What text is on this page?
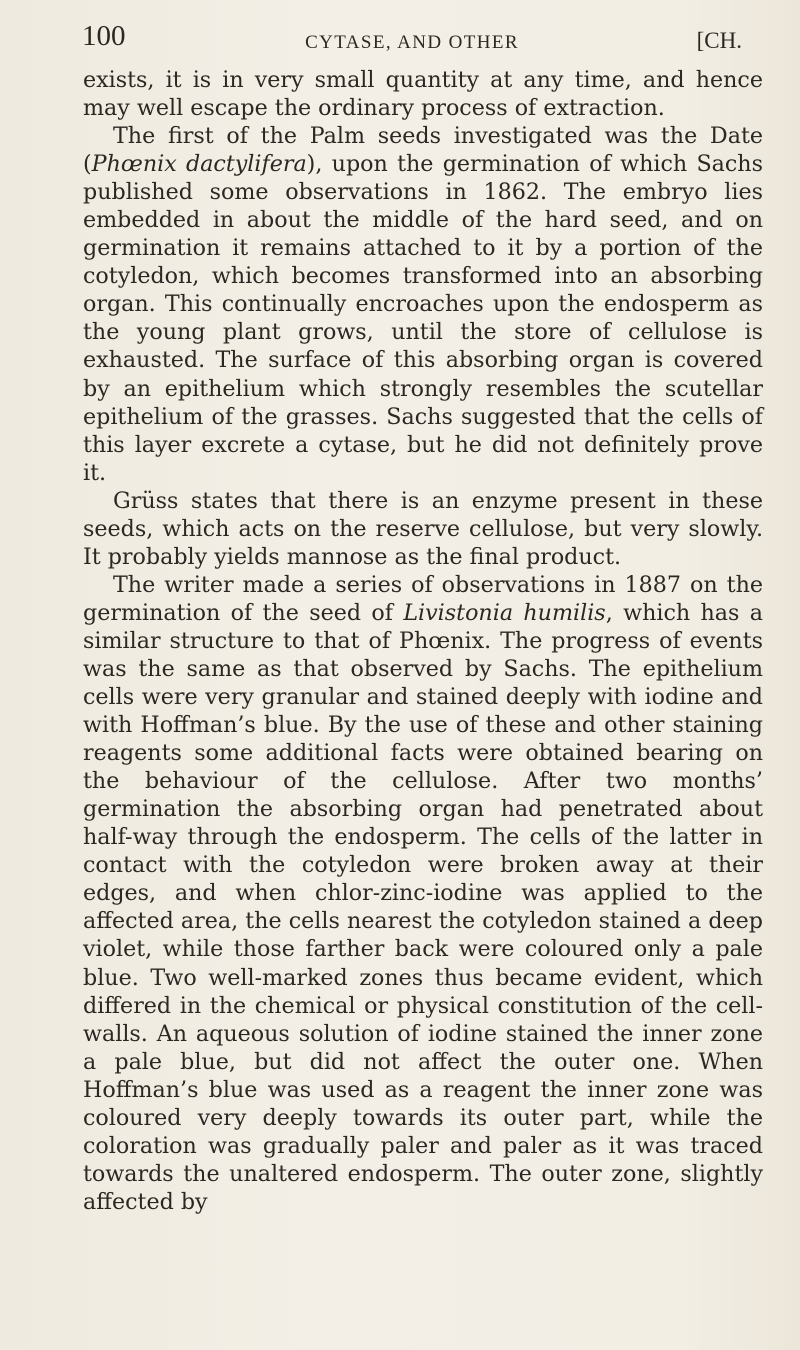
100	CYTASE, AND OTHER	[CH.

exists, it is in very small quantity at any time, and hence may well escape the ordinary process of extraction.

The first of the Palm seeds investigated was the Date (Phœnix dactylifera), upon the germination of which Sachs published some observations in 1862. The embryo lies embedded in about the middle of the hard seed, and on germination it remains attached to it by a portion of the cotyledon, which becomes transformed into an absorbing organ. This continually encroaches upon the endosperm as the young plant grows, until the store of cellulose is exhausted. The surface of this absorbing organ is covered by an epithelium which strongly resembles the scutellar epithelium of the grasses. Sachs suggested that the cells of this layer excrete a cytase, but he did not definitely prove it.

Grüss states that there is an enzyme present in these seeds, which acts on the reserve cellulose, but very slowly. It probably yields mannose as the final product.

The writer made a series of observations in 1887 on the germination of the seed of Livistonia humilis, which has a similar structure to that of Phœnix. The progress of events was the same as that observed by Sachs. The epithelium cells were very granular and stained deeply with iodine and with Hoffman’s blue. By the use of these and other staining reagents some additional facts were obtained bearing on the behaviour of the cellulose. After two months’ germination the absorbing organ had penetrated about half-way through the endosperm. The cells of the latter in contact with the cotyledon were broken away at their edges, and when chlor-zinc-iodine was applied to the affected area, the cells nearest the cotyledon stained a deep violet, while those farther back were coloured only a pale blue. Two well-marked zones thus became evident, which differed in the chemical or physical constitution of the cell-walls. An aqueous solution of iodine stained the inner zone a pale blue, but did not affect the outer one. When Hoffman’s blue was used as a reagent the inner zone was coloured very deeply towards its outer part, while the coloration was gradually paler and paler as it was traced towards the unaltered endosperm. The outer zone, slightly affected by
